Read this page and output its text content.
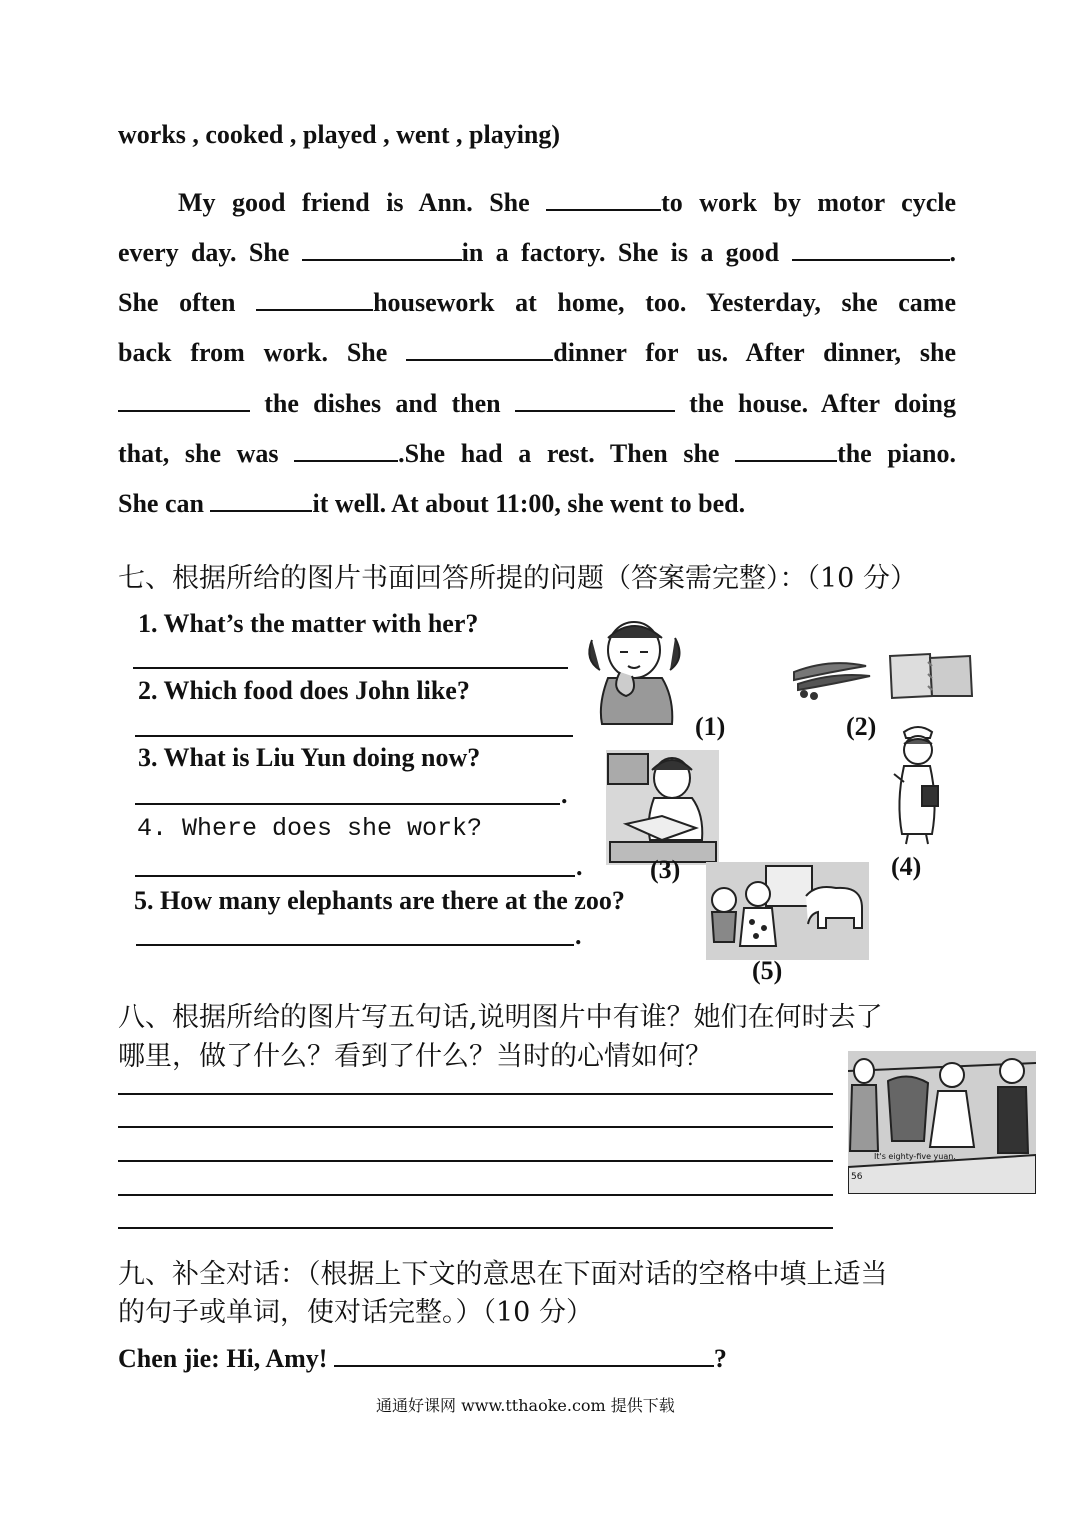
works , cooked , played , went , playing)
My good friend is Ann. She	to work by motor cycle
every day. She	in a factory. She is a good	.
She often	housework at home, too. Yesterday, she came
back from work. She	dinner for us. After dinner, she
the dishes and then	the house. After doing
that, she was	.She had a rest. Then she	the piano.
She can	it well. At about 11:00, she went to bed.
七、根据所给的图片书面回答所提的问题（答案需完整）：（10 分）
1. What’s the matter with her?
2. Which food does John like?
3. What is Liu Yun doing now?
.
4. Where does she work?
.
5. How many elephants are there at the zoo?
.
(1)	(2)
(3)	(4)
(5)
八、根据所给的图片写五句话,说明图片中有谁？她们在何时去了
哪里，做了什么？看到了什么？当时的心情如何？
It's eighty-five yuan.
56
九、补全对话：（根据上下文的意思在下面对话的空格中填上适当
的句子或单词，使对话完整。）（10 分）
Chen jie: Hi, Amy!	?
通通好课网 www.tthaoke.com 提供下载
